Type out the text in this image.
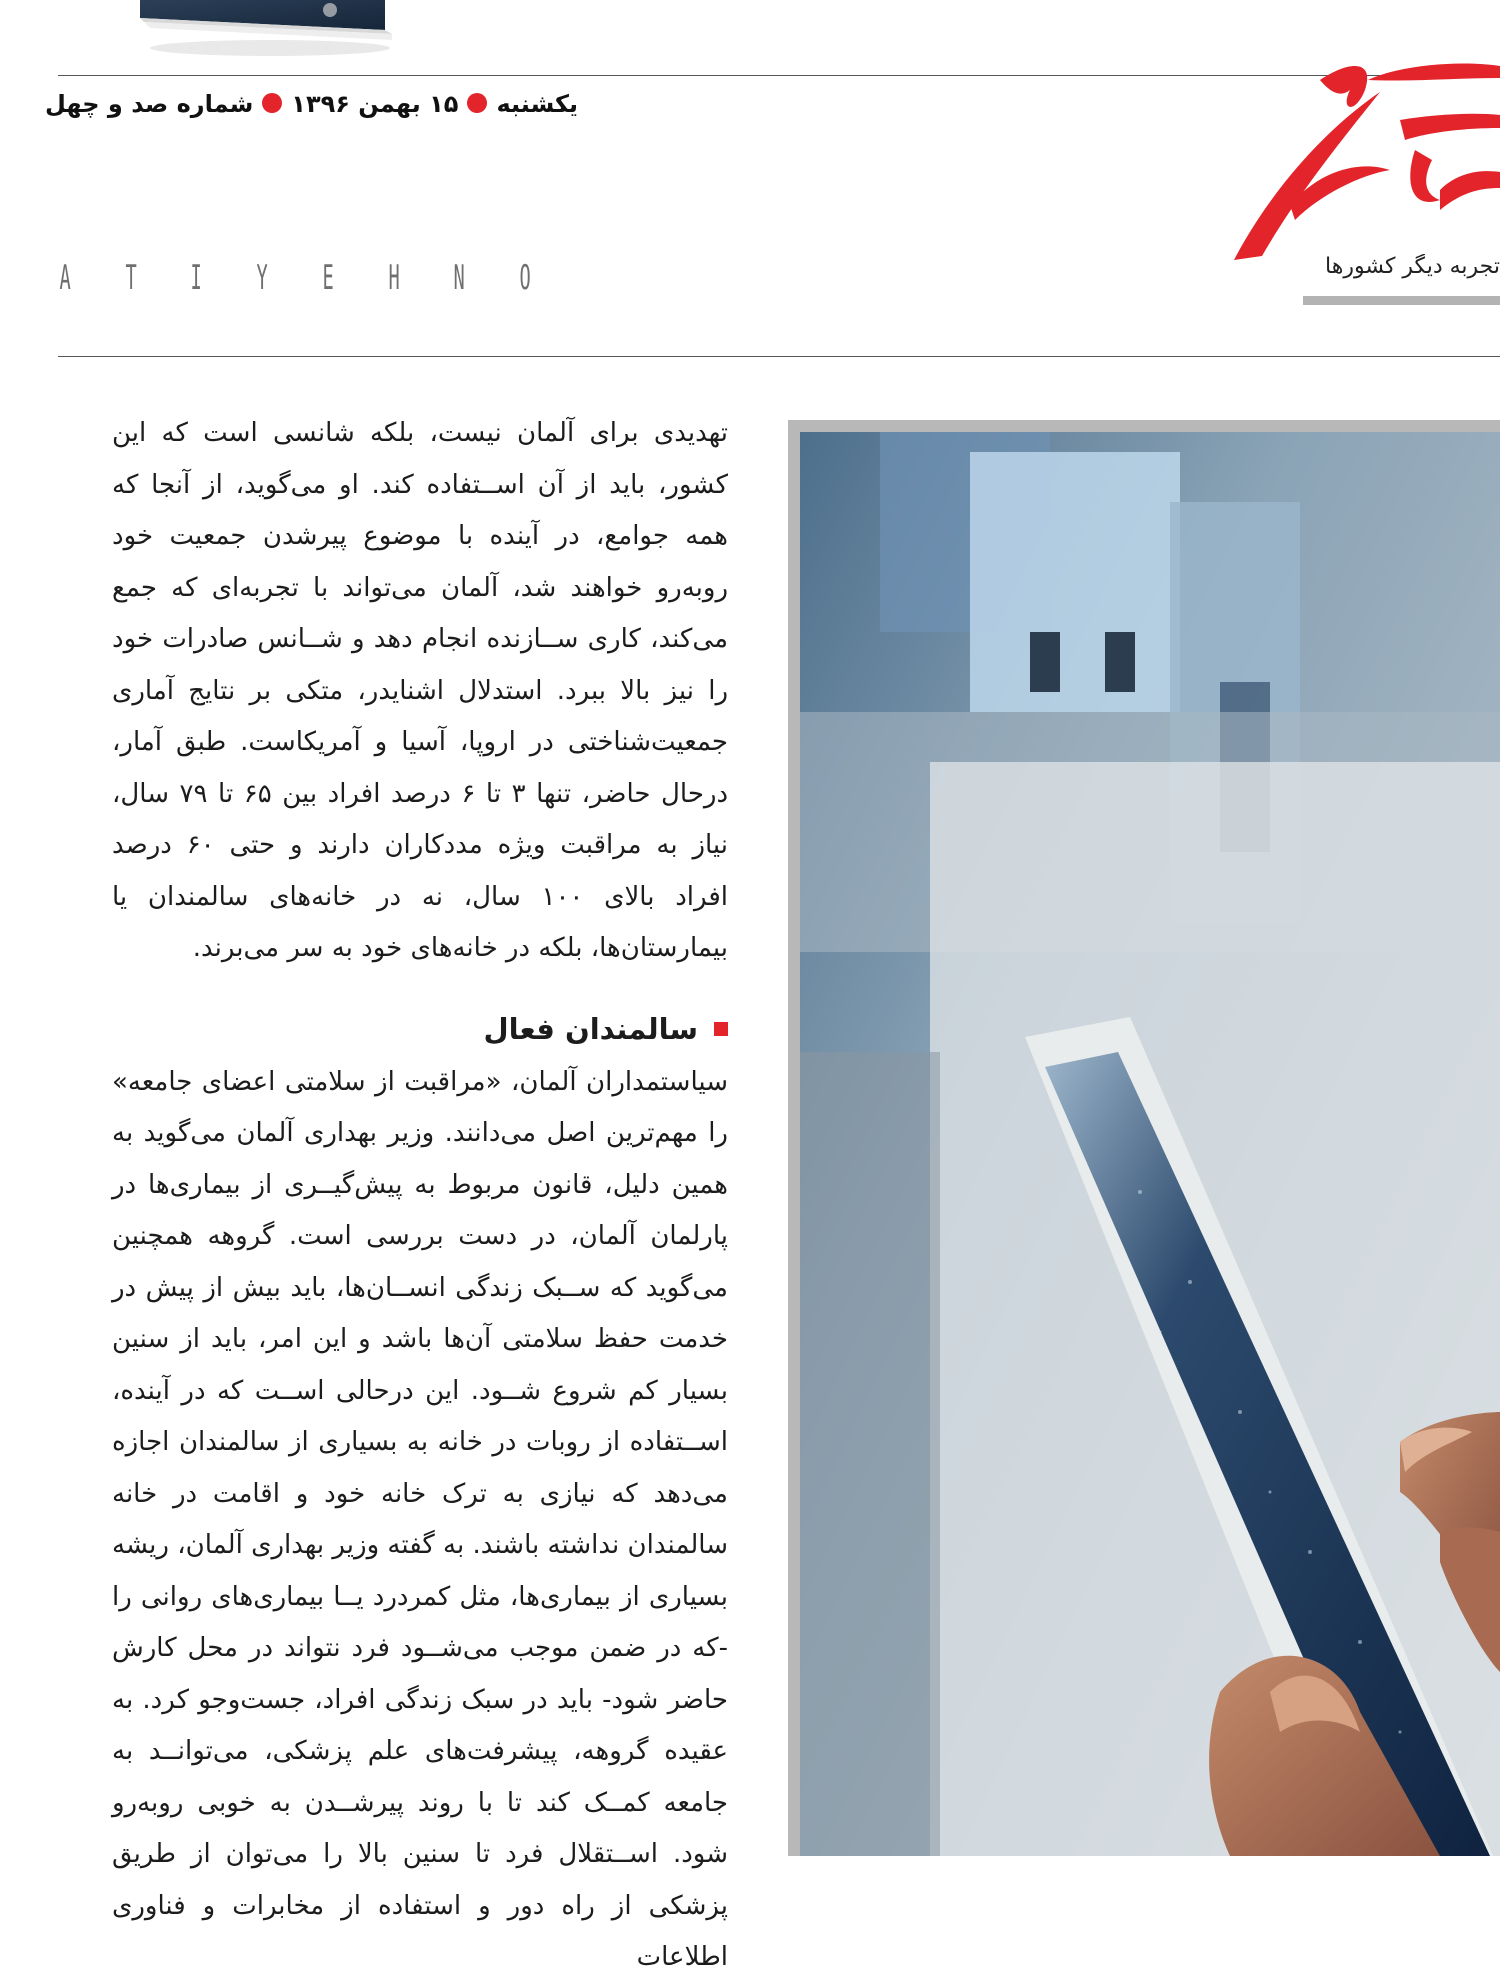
یکشنبه۱۵ بهمن ۱۳۹۶شماره صد و چهل
تجربه دیگر کشورها
A T I Y E H N O

تهدیدی برای آلمان نیست، بلکه شانسی است که این کشور، باید از آن اســتفاده کند. او می‌گوید، از آنجا که همه جوامع، در آینده با موضوع پیرشدن جمعیت خود روبه‌رو خواهند شد، آلمان می‌تواند با تجربه‌ای که جمع می‌کند، کاری ســازنده انجام دهد و شــانس صادرات خود را نیز بالا ببرد. استدلال اشنایدر، متکی بر نتایج آماری جمعیت‌شناختی در اروپا، آسیا و آمریکاست. طبق آمار، درحال حاضر، تنها ۳ تا ۶ درصد افراد بین ۶۵ تا ۷۹ سال، نیاز به مراقبت ویژه مددکاران دارند و حتی ۶۰ درصد افراد بالای ۱۰۰ سال، نه در خانه‌های سالمندان یا بیمارستان‌ها، بلکه در خانه‌های خود به سر می‌برند.

سالمندان فعال

سیاستمداران آلمان، «مراقبت از سلامتی اعضای جامعه» را مهم‌ترین اصل می‌دانند. وزیر بهداری آلمان می‌گوید به همین دلیل، قانون مربوط به پیش‌گیــری از بیماری‌ها در پارلمان آلمان، در دست بررسی است. گروهه همچنین می‌گوید که ســبک زندگی انســان‌ها، باید بیش از پیش در خدمت حفظ سلامتی آن‌ها باشد و این امر، باید از سنین بسیار کم شروع شــود. این درحالی اســت که در آینده، اســتفاده از روبات در خانه به بسیاری از سالمندان اجازه می‌دهد که نیازی به ترک خانه خود و اقامت در خانه سالمندان نداشته باشند. به گفته وزیر بهداری آلمان، ریشه بسیاری از بیماری‌ها، مثل کمردرد یــا بیماری‌های روانی را -که در ضمن موجب می‌شــود فرد نتواند در محل کارش حاضر شود- باید در سبک زندگی افراد، جست‌وجو کرد. به عقیده گروهه، پیشرفت‌های علم پزشکی، می‌توانــد به جامعه کمــک کند تا با روند پیرشــدن به خوبی روبه‌رو شود. اســتقلال فرد تا سنین بالا را می‌توان از طریق پزشکی از راه دور و استفاده از مخابرات و فناوری اطلاعات
